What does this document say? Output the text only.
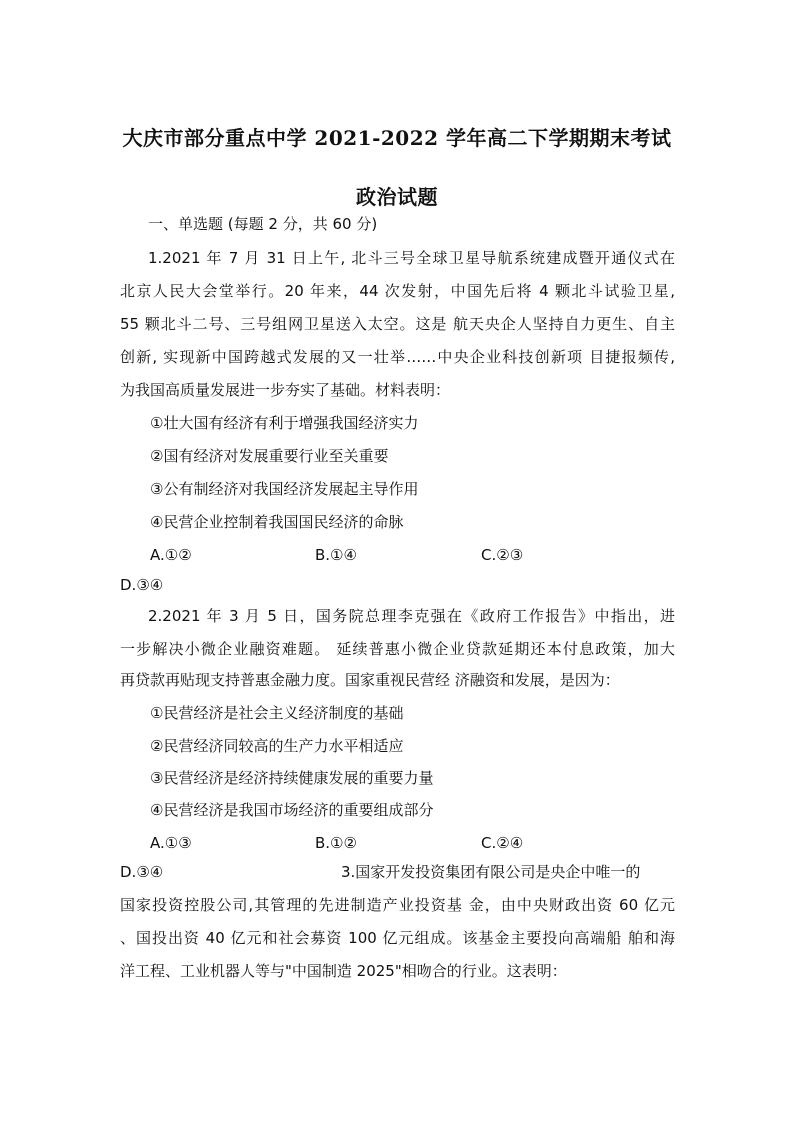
大庆市部分重点中学 2021-2022 学年高二下学期期末考试
政治试题
一、单选题 (每题 2 分，共 60 分)
1.2021 年 7 月 31 日上午, 北斗三号全球卫星导航系统建成暨开通仪式在
北京人民大会堂举行。20 年来，44 次发射，中国先后将 4 颗北斗试验卫星,
55 颗北斗二号、三号组网卫星送入太空。这是 航天央企人坚持自力更生、自主
创新, 实现新中国跨越式发展的又一壮举……中央企业科技创新项 目捷报频传,
为我国高质量发展进一步夯实了基础。材料表明：
①壮大国有经济有利于增强我国经济实力
②国有经济对发展重要行业至关重要
③公有制经济对我国经济发展起主导作用
④民营企业控制着我国国民经济的命脉
A.①②	B.①④	C.②③
D.③④
2.2021 年 3 月 5 日，国务院总理李克强在《政府工作报告》中指出，进
一步解决小微企业融资难题。 延续普惠小微企业贷款延期还本付息政策，加大
再贷款再贴现支持普惠金融力度。国家重视民营经 济融资和发展，是因为：
①民营经济是社会主义经济制度的基础
②民营经济同较高的生产力水平相适应
③民营经济是经济持续健康发展的重要力量
④民营经济是我国市场经济的重要组成部分
A.①③	B.①②	C.②④
D.③④	3.国家开发投资集团有限公司是央企中唯一的
国家投资控股公司,其管理的先进制造产业投资基 金，由中央财政出资 60 亿元
、国投出资 40 亿元和社会募资 100 亿元组成。该基金主要投向高端船 舶和海
洋工程、工业机器人等与"中国制造 2025"相吻合的行业。这表明：
